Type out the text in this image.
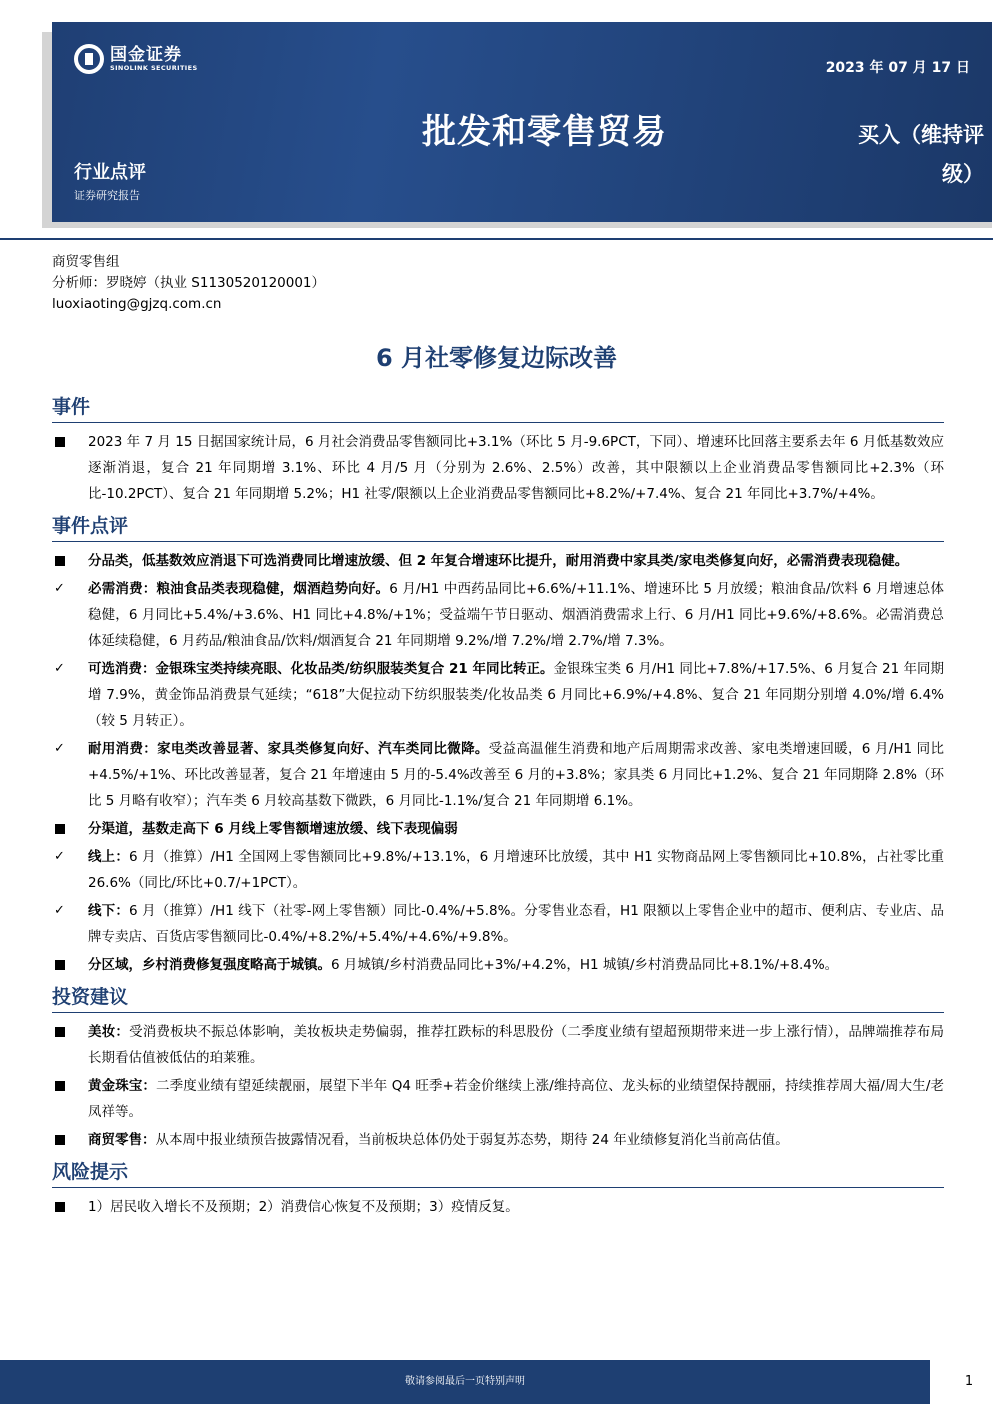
国金证券
SINOLINK SECURITIES	2023 年 07 月 17 日
批发和零售贸易	买入（维持评级）
行业点评
证券研究报告
商贸零售组
分析师：罗晓婷（执业 S1130520120001）
luoxiaoting@gjzq.com.cn
6 月社零修复边际改善
事件
2023 年 7 月 15 日据国家统计局，6 月社会消费品零售额同比+3.1%（环比 5 月-9.6PCT，下同）、增速环比回落主要系去年 6 月低基数效应逐渐消退，复合 21 年同期增 3.1%、环比 4 月/5 月（分别为 2.6%、2.5%）改善，其中限额以上企业消费品零售额同比+2.3%（环比-10.2PCT）、复合 21 年同期增 5.2%；H1 社零/限额以上企业消费品零售额同比+8.2%/+7.4%、复合 21 年同比+3.7%/+4%。
事件点评
分品类，低基数效应消退下可选消费同比增速放缓、但 2 年复合增速环比提升，耐用消费中家具类/家电类修复向好，必需消费表现稳健。
✓ 必需消费：粮油食品类表现稳健，烟酒趋势向好。6 月/H1 中西药品同比+6.6%/+11.1%、增速环比 5 月放缓；粮油食品/饮料 6 月增速总体稳健，6 月同比+5.4%/+3.6%、H1 同比+4.8%/+1%；受益端午节日驱动、烟酒消费需求上行、6 月/H1 同比+9.6%/+8.6%。必需消费总体延续稳健，6 月药品/粮油食品/饮料/烟酒复合 21 年同期增 9.2%/增 7.2%/增 2.7%/增 7.3%。
✓ 可选消费：金银珠宝类持续亮眼、化妆品类/纺织服装类复合 21 年同比转正。金银珠宝类 6 月/H1 同比+7.8%/+17.5%、6 月复合 21 年同期增 7.9%，黄金饰品消费景气延续；“618”大促拉动下纺织服装类/化妆品类 6 月同比+6.9%/+4.8%、复合 21 年同期分别增 4.0%/增 6.4%（较 5 月转正）。
✓ 耐用消费：家电类改善显著、家具类修复向好、汽车类同比微降。受益高温催生消费和地产后周期需求改善、家电类增速回暖，6 月/H1 同比+4.5%/+1%、环比改善显著，复合 21 年增速由 5 月的-5.4%改善至 6 月的+3.8%；家具类 6 月同比+1.2%、复合 21 年同期降 2.8%（环比 5 月略有收窄）；汽车类 6 月较高基数下微跌，6 月同比-1.1%/复合 21 年同期增 6.1%。
分渠道，基数走高下 6 月线上零售额增速放缓、线下表现偏弱
✓ 线上：6 月（推算）/H1 全国网上零售额同比+9.8%/+13.1%，6 月增速环比放缓，其中 H1 实物商品网上零售额同比+10.8%，占社零比重 26.6%（同比/环比+0.7/+1PCT）。
✓ 线下：6 月（推算）/H1 线下（社零-网上零售额）同比-0.4%/+5.8%。分零售业态看，H1 限额以上零售企业中的超市、便利店、专业店、品牌专卖店、百货店零售额同比-0.4%/+8.2%/+5.4%/+4.6%/+9.8%。
分区域，乡村消费修复强度略高于城镇。6 月城镇/乡村消费品同比+3%/+4.2%，H1 城镇/乡村消费品同比+8.1%/+8.4%。
投资建议
美妆：受消费板块不振总体影响，美妆板块走势偏弱，推荐扛跌标的科思股份（二季度业绩有望超预期带来进一步上涨行情），品牌端推荐布局长期看估值被低估的珀莱雅。
黄金珠宝：二季度业绩有望延续靓丽，展望下半年 Q4 旺季+若金价继续上涨/维持高位、龙头标的业绩望保持靓丽，持续推荐周大福/周大生/老凤祥等。
商贸零售：从本周中报业绩预告披露情况看，当前板块总体仍处于弱复苏态势，期待 24 年业绩修复消化当前高估值。
风险提示
1）居民收入增长不及预期；2）消费信心恢复不及预期；3）疫情反复。
敬请参阅最后一页特别声明	1
